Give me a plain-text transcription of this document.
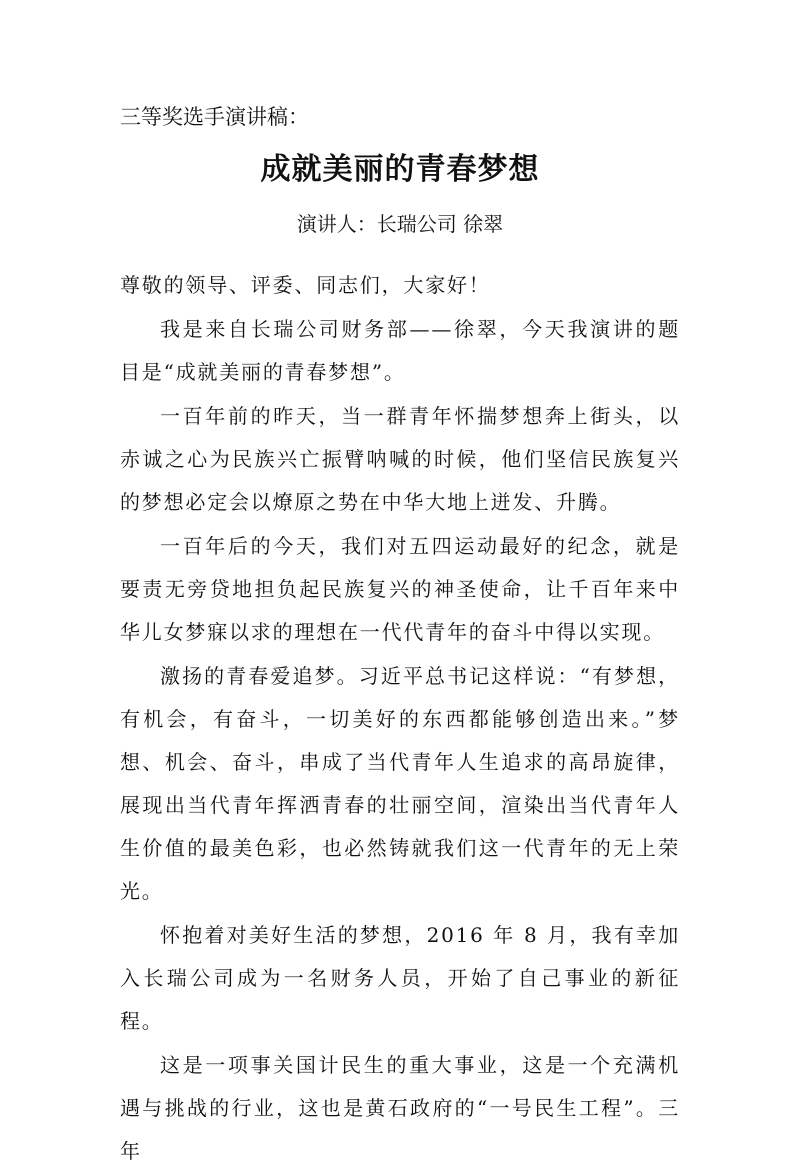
三等奖选手演讲稿：
成就美丽的青春梦想
演讲人：长瑞公司 徐翠

尊敬的领导、评委、同志们，大家好！

我是来自长瑞公司财务部——徐翠，今天我演讲的题目是“成就美丽的青春梦想”。

一百年前的昨天，当一群青年怀揣梦想奔上街头，以赤诚之心为民族兴亡振臂呐喊的时候，他们坚信民族复兴的梦想必定会以燎原之势在中华大地上迸发、升腾。

一百年后的今天，我们对五四运动最好的纪念，就是要责无旁贷地担负起民族复兴的神圣使命，让千百年来中华儿女梦寐以求的理想在一代代青年的奋斗中得以实现。

激扬的青春爱追梦。习近平总书记这样说：“有梦想，有机会，有奋斗，一切美好的东西都能够创造出来。”梦想、机会、奋斗，串成了当代青年人生追求的高昂旋律，展现出当代青年挥洒青春的壮丽空间，渲染出当代青年人生价值的最美色彩，也必然铸就我们这一代青年的无上荣光。

怀抱着对美好生活的梦想，2016 年 8 月，我有幸加入长瑞公司成为一名财务人员，开始了自己事业的新征程。

这是一项事关国计民生的重大事业，这是一个充满机遇与挑战的行业，这也是黄石政府的“一号民生工程”。三年
